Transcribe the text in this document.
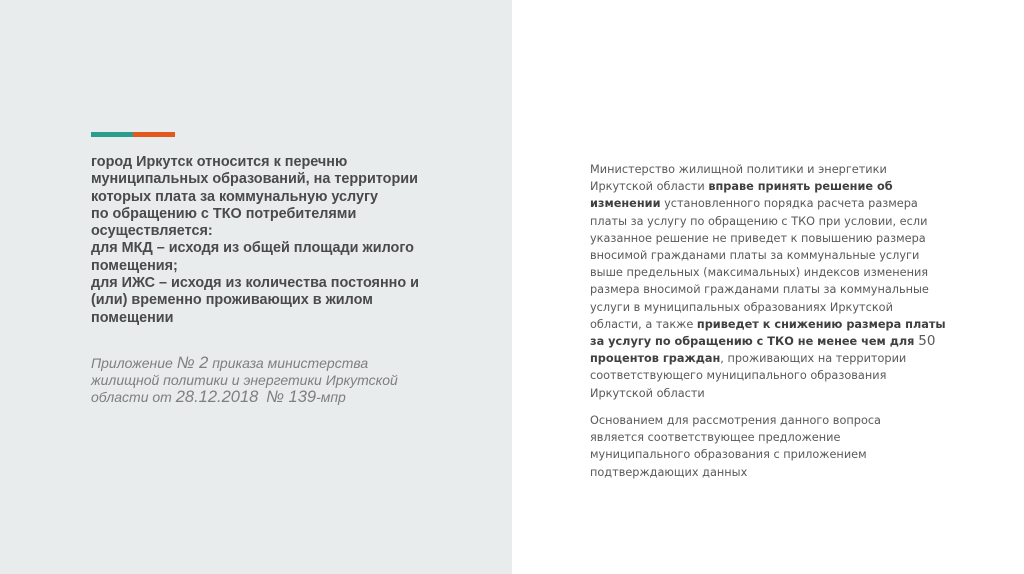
город Иркутск относится к перечню
муниципальных образований, на территории
которых плата за коммунальную услугу
по обращению с ТКО потребителями
осуществляется:
для МКД – исходя из общей площади жилого
помещения;
для ИЖС – исходя из количества постоянно и
(или) временно проживающих в жилом
помещении

Приложение № 2 приказа министерства
жилищной политики и энергетики Иркутской
области от 28.12.2018 № 139-мпр

Министерство жилищной политики и энергетики
Иркутской области вправе принять решение об
изменении установленного порядка расчета размера
платы за услугу по обращению с ТКО при условии, если
указанное решение не приведет к повышению размера
вносимой гражданами платы за коммунальные услуги
выше предельных (максимальных) индексов изменения
размера вносимой гражданами платы за коммунальные
услуги в муниципальных образованиях Иркутской
области, а также приведет к снижению размера платы
за услугу по обращению с ТКО не менее чем для 50
процентов граждан, проживающих на территории
соответствующего муниципального образования
Иркутской области

Основанием для рассмотрения данного вопроса
является соответствующее предложение
муниципального образования с приложением
подтверждающих данных
